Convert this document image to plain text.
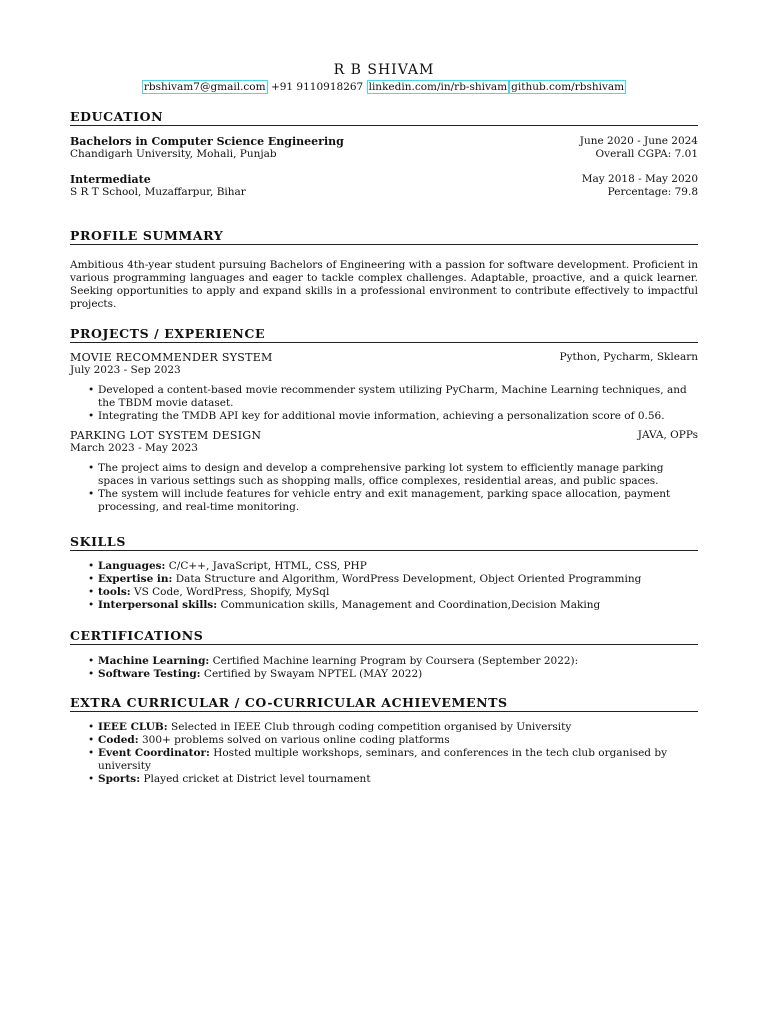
R B SHIVAM
rbshivam7@gmail.com +91 9110918267 linkedin.com/in/rb-shivam github.com/rbshivam
EDUCATION
Bachelors in Computer Science Engineering	June 2020 - June 2024
Chandigarh University, Mohali, Punjab	Overall CGPA: 7.01
Intermediate	May 2018 - May 2020
S R T School, Muzaffarpur, Bihar	Percentage: 79.8
PROFILE SUMMARY

Ambitious 4th-year student pursuing Bachelors of Engineering with a passion for software development. Proficient in various programming languages and eager to tackle complex challenges. Adaptable, proactive, and a quick learner. Seeking opportunities to apply and expand skills in a professional environment to contribute effectively to impactful projects.

PROJECTS / EXPERIENCE
MOVIE RECOMMENDER SYSTEM	Python, Pycharm, Sklearn
July 2023 - Sep 2023
• Developed a content-based movie recommender system utilizing PyCharm, Machine Learning techniques, and the TBDM movie dataset.
• Integrating the TMDB API key for additional movie information, achieving a personalization score of 0.56.
PARKING LOT SYSTEM DESIGN	JAVA, OPPs
March 2023 - May 2023
• The project aims to design and develop a comprehensive parking lot system to efficiently manage parking spaces in various settings such as shopping malls, office complexes, residential areas, and public spaces.
• The system will include features for vehicle entry and exit management, parking space allocation, payment processing, and real-time monitoring.
SKILLS
• Languages: C/C++, JavaScript, HTML, CSS, PHP
• Expertise in: Data Structure and Algorithm, WordPress Development, Object Oriented Programming
• tools: VS Code, WordPress, Shopify, MySql
• Interpersonal skills: Communication skills, Management and Coordination,Decision Making
CERTIFICATIONS
• Machine Learning: Certified Machine learning Program by Coursera (September 2022):
• Software Testing: Certified by Swayam NPTEL (MAY 2022)
EXTRA CURRICULAR / CO-CURRICULAR ACHIEVEMENTS
• IEEE CLUB: Selected in IEEE Club through coding competition organised by University
• Coded: 300+ problems solved on various online coding platforms
• Event Coordinator: Hosted multiple workshops, seminars, and conferences in the tech club organised by university
• Sports: Played cricket at District level tournament
